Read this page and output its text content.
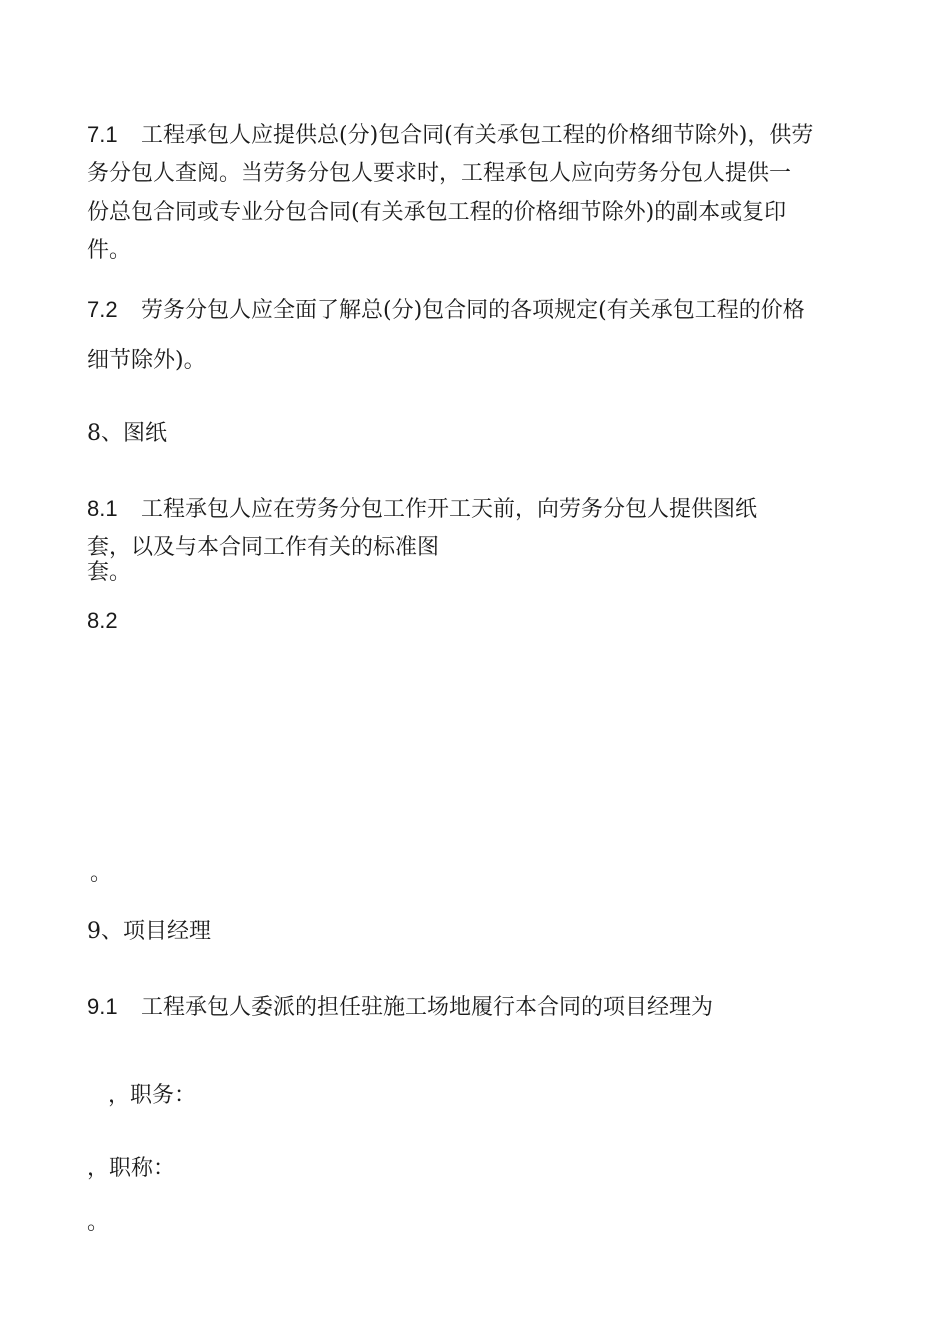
7.1 工程承包人应提供总(分)包合同(有关承包工程的价格细节除外)，供劳

务分包人查阅。当劳务分包人要求时，工程承包人应向劳务分包人提供一

份总包合同或专业分包合同(有关承包工程的价格细节除外)的副本或复印

件。

7.2 劳务分包人应全面了解总(分)包合同的各项规定(有关承包工程的价格

细节除外)。

8、图纸

8.1 工程承包人应在劳务分包工作开工天前，向劳务分包人提供图纸

套，以及与本合同工作有关的标准图

套。

8.2

。

9、项目经理

9.1 工程承包人委派的担任驻施工场地履行本合同的项目经理为

，职务：

，职称：

。
